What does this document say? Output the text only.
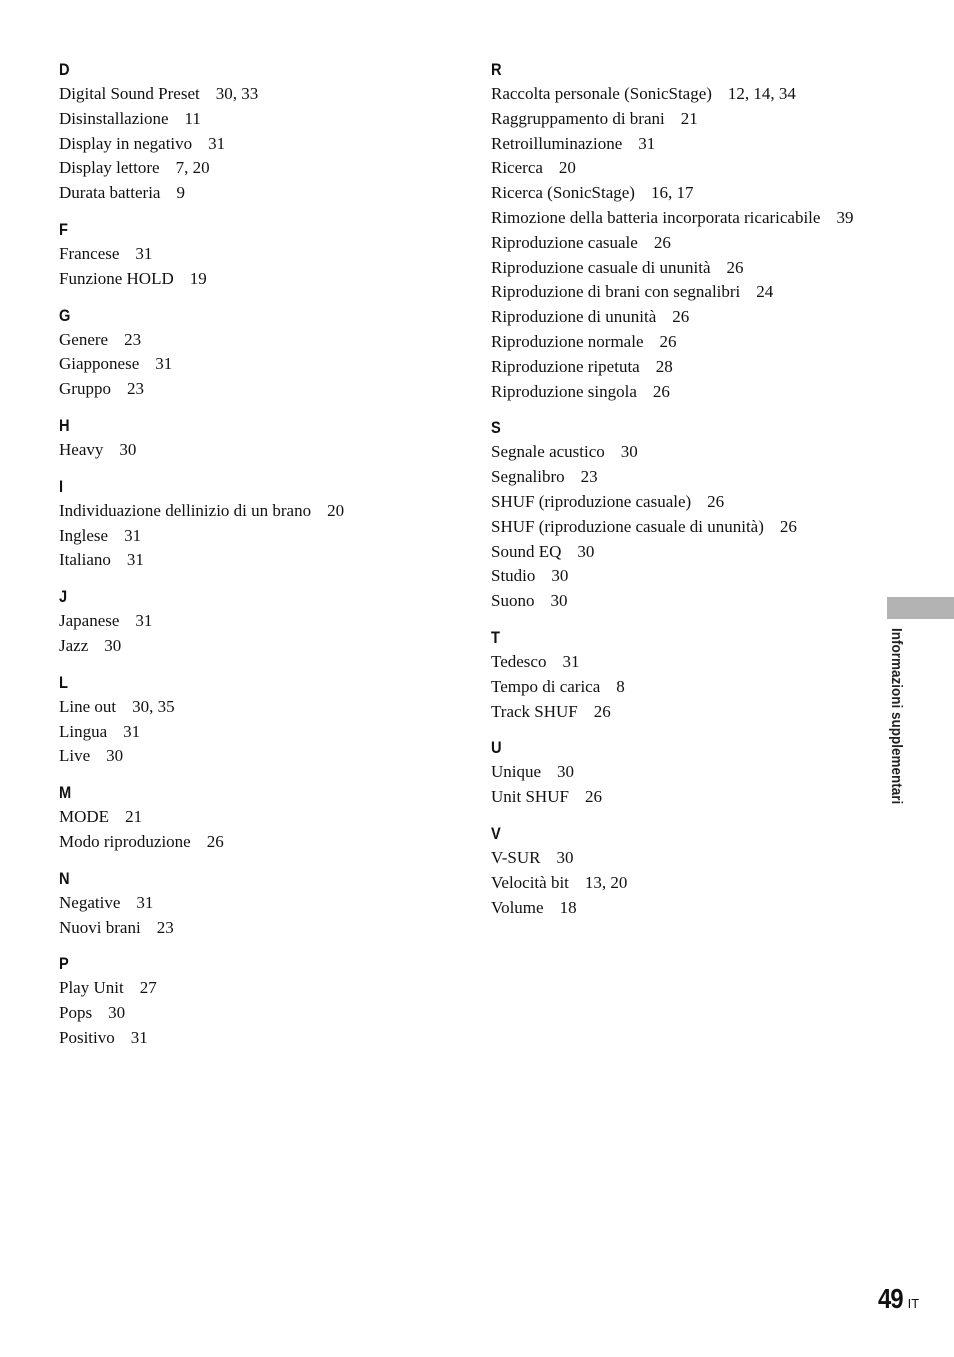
D
Digital Sound Preset 30, 33
Disinstallazione 11
Display in negativo 31
Display lettore 7, 20
Durata batteria 9
F
Francese 31
Funzione HOLD 19
G
Genere 23
Giapponese 31
Gruppo 23
H
Heavy 30
I
Individuazione dellinizio di un brano 20
Inglese 31
Italiano 31
J
Japanese 31
Jazz 30
L
Line out 30, 35
Lingua 31
Live 30
M
MODE 21
Modo riproduzione 26
N
Negative 31
Nuovi brani 23
P
Play Unit 27
Pops 30
Positivo 31
R
Raccolta personale (SonicStage) 12, 14, 34
Raggruppamento di brani 21
Retroilluminazione 31
Ricerca 20
Ricerca (SonicStage) 16, 17
Rimozione della batteria incorporata ricaricabile 39
Riproduzione casuale 26
Riproduzione casuale di ununità 26
Riproduzione di brani con segnalibri 24
Riproduzione di ununità 26
Riproduzione normale 26
Riproduzione ripetuta 28
Riproduzione singola 26
S
Segnale acustico 30
Segnalibro 23
SHUF (riproduzione casuale) 26
SHUF (riproduzione casuale di ununità) 26
Sound EQ 30
Studio 30
Suono 30
T
Tedesco 31
Tempo di carica 8
Track SHUF 26
U
Unique 30
Unit SHUF 26
V
V-SUR 30
Velocità bit 13, 20
Volume 18
Informazioni supplementari
49 IT
